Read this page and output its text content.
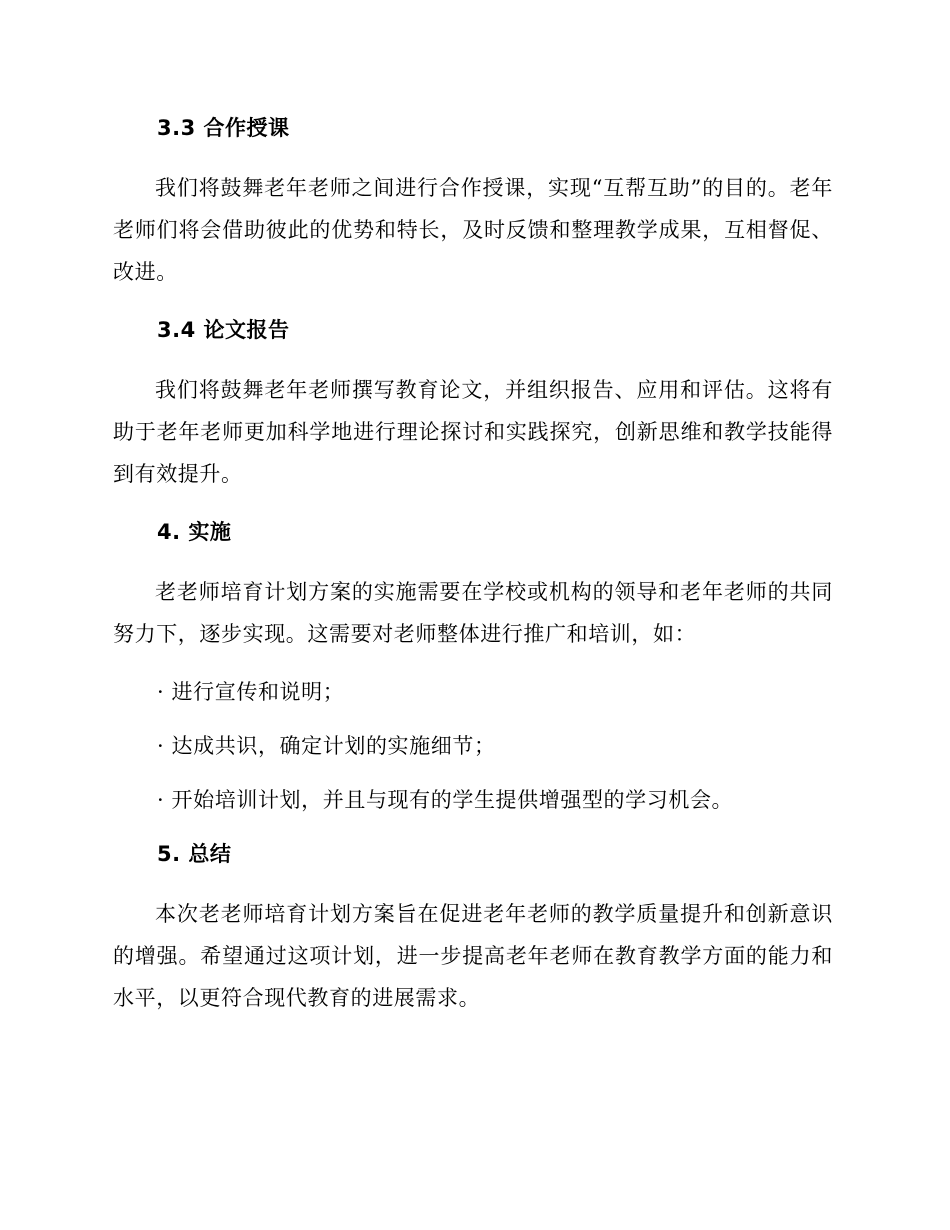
3.3 合作授课
我们将鼓舞老年老师之间进行合作授课，实现“互帮互助”的目的。老年老师们将会借助彼此的优势和特长，及时反馈和整理教学成果，互相督促、改进。
3.4 论文报告
我们将鼓舞老年老师撰写教育论文，并组织报告、应用和评估。这将有助于老年老师更加科学地进行理论探讨和实践探究，创新思维和教学技能得到有效提升。
4. 实施
老老师培育计划方案的实施需要在学校或机构的领导和老年老师的共同努力下，逐步实现。这需要对老师整体进行推广和培训，如：
· 进行宣传和说明；
· 达成共识，确定计划的实施细节；
· 开始培训计划，并且与现有的学生提供增强型的学习机会。
5. 总结
本次老老师培育计划方案旨在促进老年老师的教学质量提升和创新意识的增强。希望通过这项计划，进一步提高老年老师在教育教学方面的能力和水平，以更符合现代教育的进展需求。
